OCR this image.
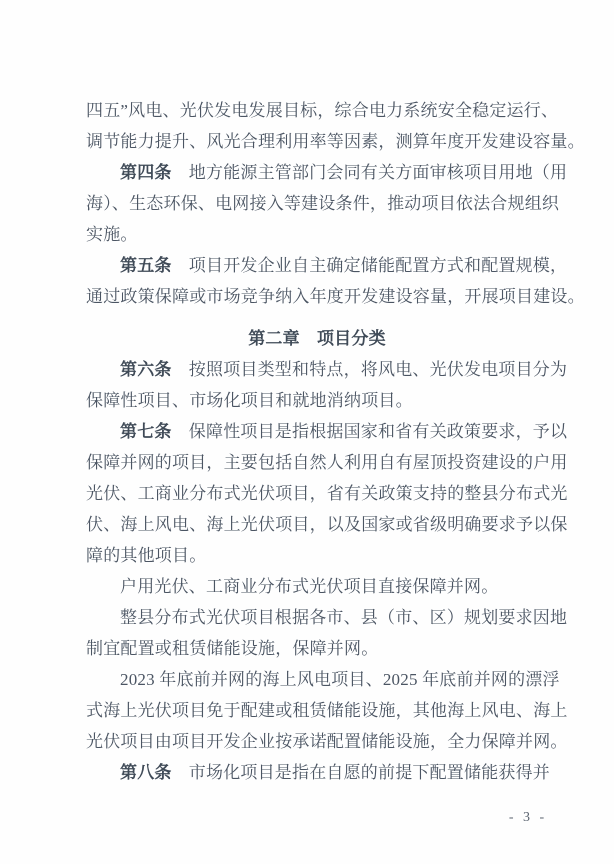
四五”风电、光伏发电发展目标，综合电力系统安全稳定运行、
调节能力提升、风光合理利用率等因素，测算年度开发建设容量。
第四条　地方能源主管部门会同有关方面审核项目用地（用
海）、生态环保、电网接入等建设条件，推动项目依法合规组织
实施。
第五条　项目开发企业自主确定储能配置方式和配置规模，
通过政策保障或市场竞争纳入年度开发建设容量，开展项目建设。
第二章　项目分类
第六条　按照项目类型和特点，将风电、光伏发电项目分为
保障性项目、市场化项目和就地消纳项目。
第七条　保障性项目是指根据国家和省有关政策要求，予以
保障并网的项目，主要包括自然人利用自有屋顶投资建设的户用
光伏、工商业分布式光伏项目，省有关政策支持的整县分布式光
伏、海上风电、海上光伏项目，以及国家或省级明确要求予以保
障的其他项目。
户用光伏、工商业分布式光伏项目直接保障并网。
整县分布式光伏项目根据各市、县（市、区）规划要求因地
制宜配置或租赁储能设施，保障并网。
2023 年底前并网的海上风电项目、2025 年底前并网的漂浮
式海上光伏项目免于配建或租赁储能设施，其他海上风电、海上
光伏项目由项目开发企业按承诺配置储能设施，全力保障并网。
第八条　市场化项目是指在自愿的前提下配置储能获得并
- 3 -
